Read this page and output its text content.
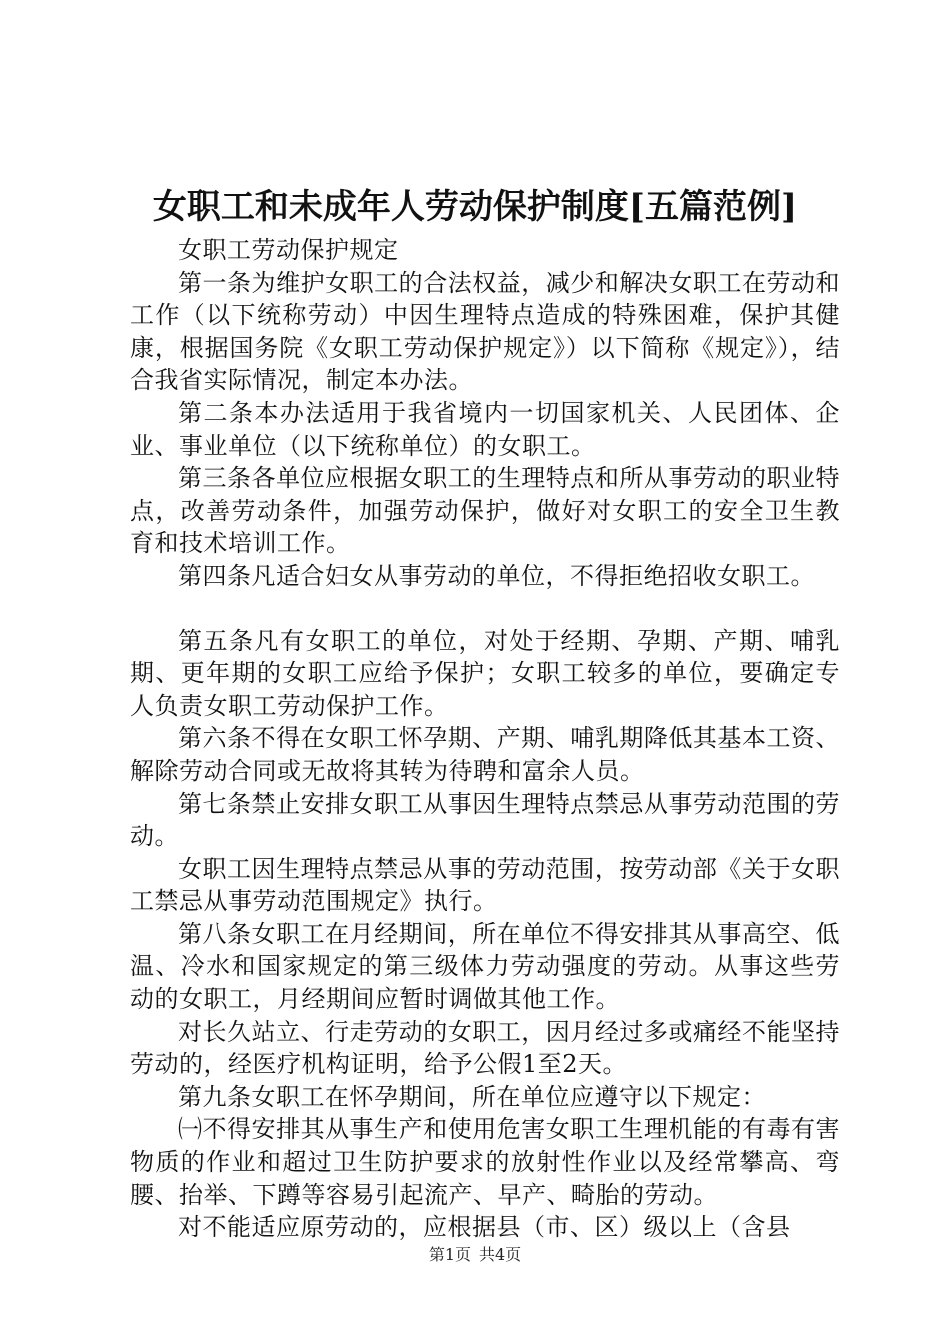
女职工和未成年人劳动保护制度[五篇范例]

女职工劳动保护规定

第一条为维护女职工的合法权益，减少和解决女职工在劳动和工作（以下统称劳动）中因生理特点造成的特殊困难，保护其健康，根据国务院《女职工劳动保护规定》）以下简称《规定》），结合我省实际情况，制定本办法。

第二条本办法适用于我省境内一切国家机关、人民团体、企业、事业单位（以下统称单位）的女职工。

第三条各单位应根据女职工的生理特点和所从事劳动的职业特点，改善劳动条件，加强劳动保护，做好对女职工的安全卫生教育和技术培训工作。

第四条凡适合妇女从事劳动的单位，不得拒绝招收女职工。

第五条凡有女职工的单位，对处于经期、孕期、产期、哺乳期、更年期的女职工应给予保护；女职工较多的单位，要确定专人负责女职工劳动保护工作。

第六条不得在女职工怀孕期、产期、哺乳期降低其基本工资、解除劳动合同或无故将其转为待聘和富余人员。

第七条禁止安排女职工从事因生理特点禁忌从事劳动范围的劳动。

女职工因生理特点禁忌从事的劳动范围，按劳动部《关于女职工禁忌从事劳动范围规定》执行。

第八条女职工在月经期间，所在单位不得安排其从事高空、低温、冷水和国家规定的第三级体力劳动强度的劳动。从事这些劳动的女职工，月经期间应暂时调做其他工作。

对长久站立、行走劳动的女职工，因月经过多或痛经不能坚持劳动的，经医疗机构证明，给予公假1至2天。

第九条女职工在怀孕期间，所在单位应遵守以下规定：

㈠不得安排其从事生产和使用危害女职工生理机能的有毒有害物质的作业和超过卫生防护要求的放射性作业以及经常攀高、弯腰、抬举、下蹲等容易引起流产、早产、畸胎的劳动。

对不能适应原劳动的，应根据县（市、区）级以上（含县

第1页 共4页
